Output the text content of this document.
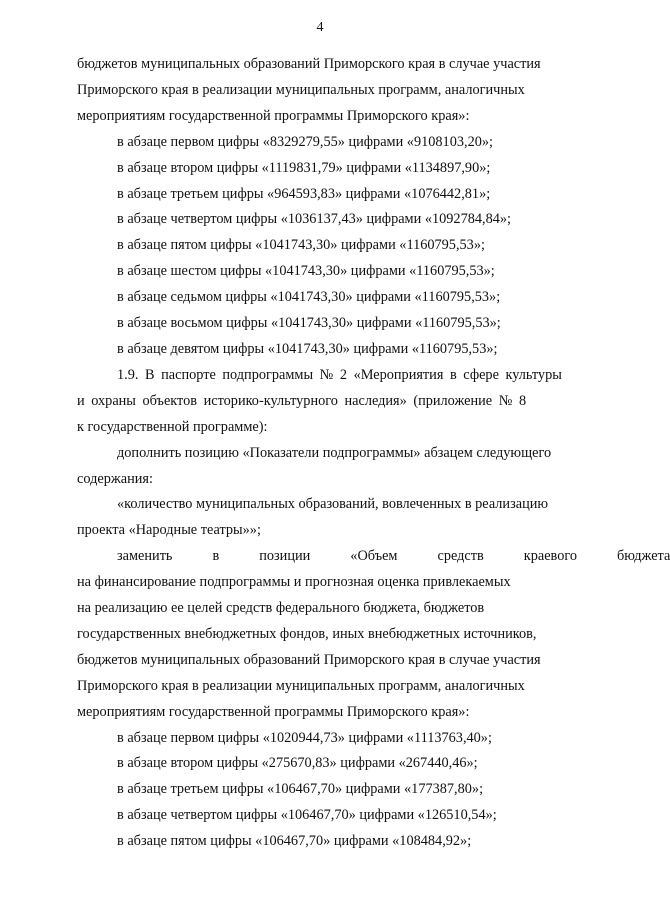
4

бюджетов муниципальных образований Приморского края в случае участия

Приморского края в реализации муниципальных программ, аналогичных

мероприятиям государственной программы Приморского края»:

в абзаце первом цифры «8329279,55» цифрами «9108103,20»;

в абзаце втором цифры «1119831,79» цифрами «1134897,90»;

в абзаце третьем цифры «964593,83» цифрами «1076442,81»;

в абзаце четвертом цифры «1036137,43» цифрами «1092784,84»;

в абзаце пятом цифры «1041743,30» цифрами «1160795,53»;

в абзаце шестом цифры «1041743,30» цифрами «1160795,53»;

в абзаце седьмом цифры «1041743,30» цифрами «1160795,53»;

в абзаце восьмом цифры «1041743,30» цифрами «1160795,53»;

в абзаце девятом цифры «1041743,30» цифрами «1160795,53»;

1.9. В паспорте подпрограммы № 2 «Мероприятия в сфере культуры

и охраны объектов историко-культурного наследия» (приложение № 8

к государственной программе):

дополнить позицию «Показатели подпрограммы» абзацем следующего

содержания:

«количество муниципальных образований, вовлеченных в реализацию

проекта «Народные театры»»;

заменить	в	позиции	«Объем	средств	краевого	бюджета

на финансирование подпрограммы и прогнозная оценка привлекаемых

на реализацию ее целей средств федерального бюджета, бюджетов

государственных внебюджетных фондов, иных внебюджетных источников,

бюджетов муниципальных образований Приморского края в случае участия

Приморского края в реализации муниципальных программ, аналогичных

мероприятиям государственной программы Приморского края»:

в абзаце первом цифры «1020944,73» цифрами «1113763,40»;

в абзаце втором цифры «275670,83» цифрами «267440,46»;

в абзаце третьем цифры «106467,70» цифрами «177387,80»;

в абзаце четвертом цифры «106467,70» цифрами «126510,54»;

в абзаце пятом цифры «106467,70» цифрами «108484,92»;
